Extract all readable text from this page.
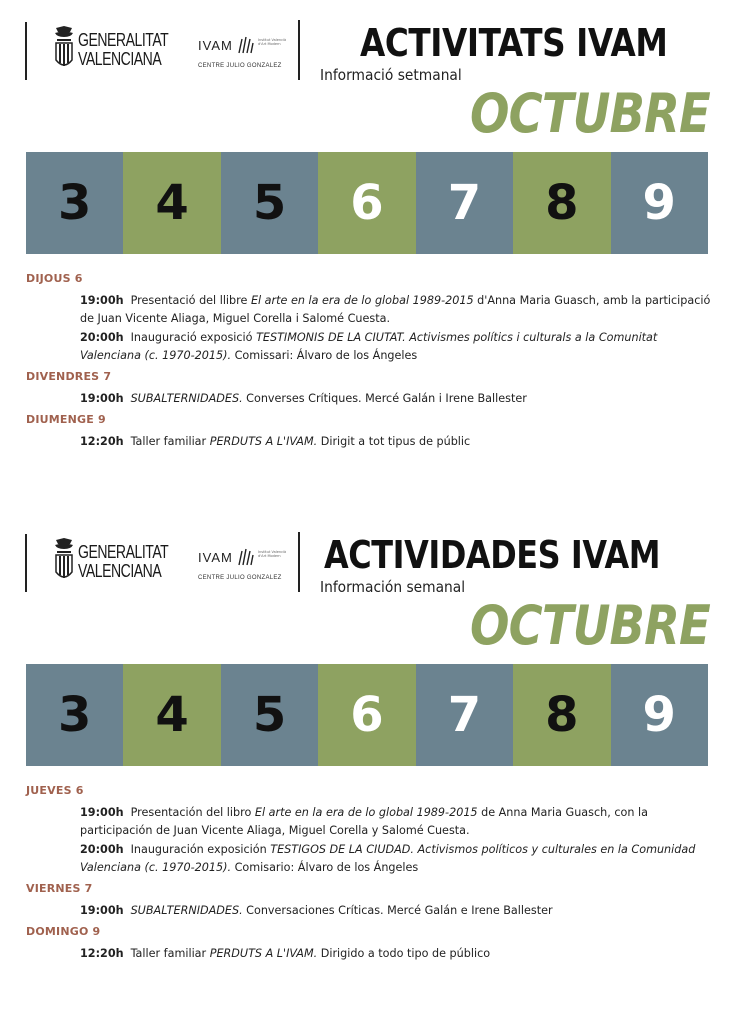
GENERALITAT
VALENCIANA
IVAM	Institut Valencià d'Art Modern
CENTRE JULIO GONZALEZ
ACTIVITATS IVAM
Informació setmanal
OCTUBRE
3	4	5	6	7	8	9
DIJOUS 6
19:00h Presentació del llibre El arte en la era de lo global 1989-2015 d'Anna Maria Guasch, amb la participació de Juan Vicente Aliaga, Miguel Corella i Salomé Cuesta.
20:00h Inauguració exposició TESTIMONIS DE LA CIUTAT. Activismes polítics i culturals a la Comunitat Valenciana (c. 1970-2015). Comissari: Álvaro de los Ángeles
DIVENDRES 7
19:00h SUBALTERNIDADES. Converses Crítiques. Mercé Galán i Irene Ballester
DIUMENGE 9
12:20h Taller familiar PERDUTS A L'IVAM. Dirigit a tot tipus de públic
GENERALITAT
VALENCIANA
IVAM	Institut Valencià d'Art Modern
CENTRE JULIO GONZALEZ
ACTIVIDADES IVAM
Información semanal
OCTUBRE
3	4	5	6	7	8	9
JUEVES 6
19:00h Presentación del libro El arte en la era de lo global 1989-2015 de Anna Maria Guasch, con la participación de Juan Vicente Aliaga, Miguel Corella y Salomé Cuesta.
20:00h Inauguración exposición TESTIGOS DE LA CIUDAD. Activismos políticos y culturales en la Comunidad Valenciana (c. 1970-2015). Comisario: Álvaro de los Ángeles
VIERNES 7
19:00h SUBALTERNIDADES. Conversaciones Críticas. Mercé Galán e Irene Ballester
DOMINGO 9
12:20h Taller familiar PERDUTS A L'IVAM. Dirigido a todo tipo de público
